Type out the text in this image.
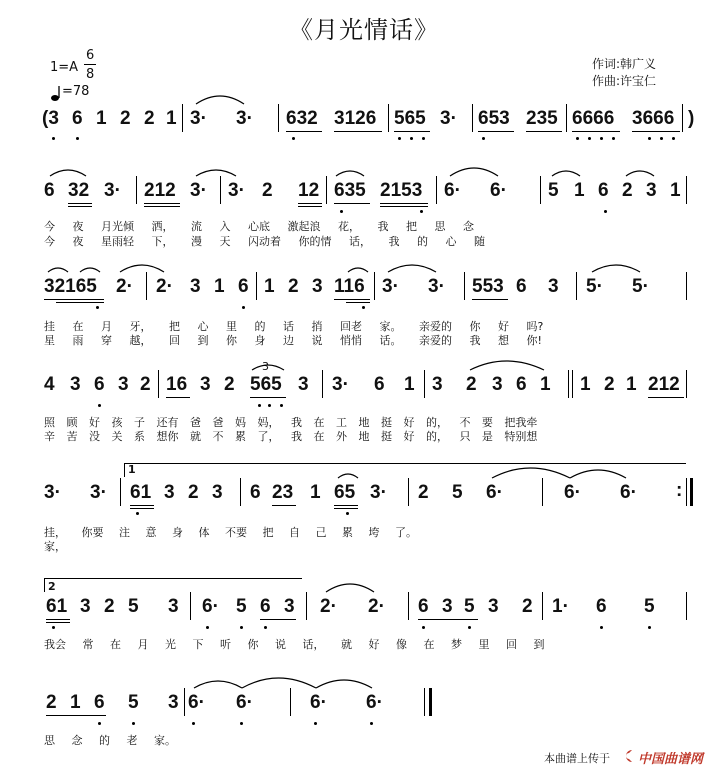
《月光情话》
1=A
6
8
=78
作词:韩广义
作曲:许宝仁
(3 6 1 2 2 1 3· 3· 632 3126 565 3· 653 235 6666 3666 )
6 32 3· 212 3· 3· 2 12 635 2153 6· 6· 5 1 6 2 3 1
今 夜 月光倾 洒， 流 入 心底 激起浪 花， 我 把 思 念
今 夜 星雨轻 下， 漫 天 闪动着 你的情 话， 我 的 心 随
32165 2· 2· 3 1 6 1 2 3 116 3· 3· 553 6 3 5· 5·
挂 在 月 牙， 把 心 里 的 话 捎 回老 家。 亲爱的 你 好 吗?
星 雨 穿 越， 回 到 你 身 边 说 悄悄 话。 亲爱的 我 想 你!
4 3 6 3 2 16 3 2 565 3 3· 6 1 3 2 3 6 1 1 2 1 212
3
照 顾 好 孩 子 还有 爸 爸 妈 妈， 我 在 工 地 挺 好 的， 不 要 把我牵
辛 苦 没 关 系 想你 就 不 累 了， 我 在 外 地 挺 好 的， 只 是 特别想
1
3· 3· 61 3 2 3 6 23 1 65 3· 2 5 6·	6· 6· :
挂， 你要 注 意 身 体 不要 把 自 己 累 垮 了。
家，
2
61 3 2 5 3 6· 5 6 3 2· 2· 6 3 5 3 2 1· 6 5
我会 常 在 月 光 下 听 你 说 话， 就 好 像 在 梦 里 回 到
2 1 6 5 3 6· 6·	6· 6·
思 念 的 老 家。
本曲谱上传于 中国曲谱网
